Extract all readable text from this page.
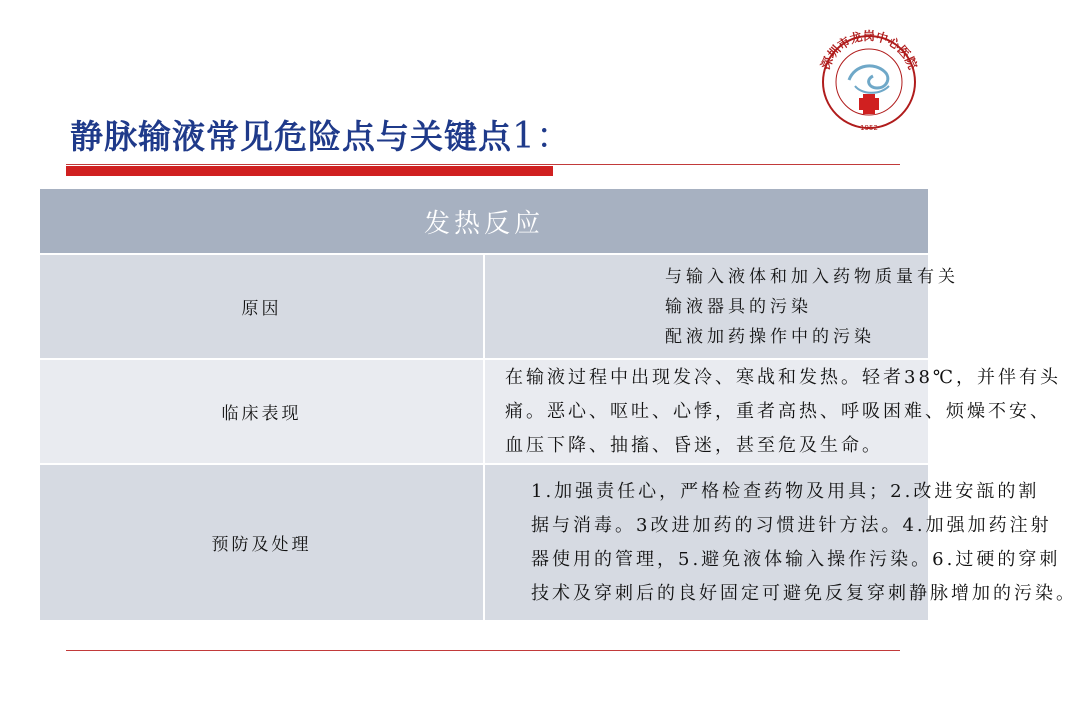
静脉输液常见危险点与关键点1：
深圳市龙岗中心医院
1952
发热反应	
原因	与输入液体和加入药物质量有关
输液器具的污染
配液加药操作中的污染

临床表现	在输液过程中出现发冷、寒战和发热。轻者38℃，并伴有头
痛。恶心、呕吐、心悸，重者高热、呼吸困难、烦燥不安、
血压下降、抽搐、昏迷，甚至危及生命。

预防及处理	1.加强责任心，严格检查药物及用具；2.改进安瓿的割
据与消毒。3改进加药的习惯进针方法。4.加强加药注射
器使用的管理，5.避免液体输入操作污染。6.过硬的穿刺
技术及穿刺后的良好固定可避免反复穿刺静脉增加的污染。
